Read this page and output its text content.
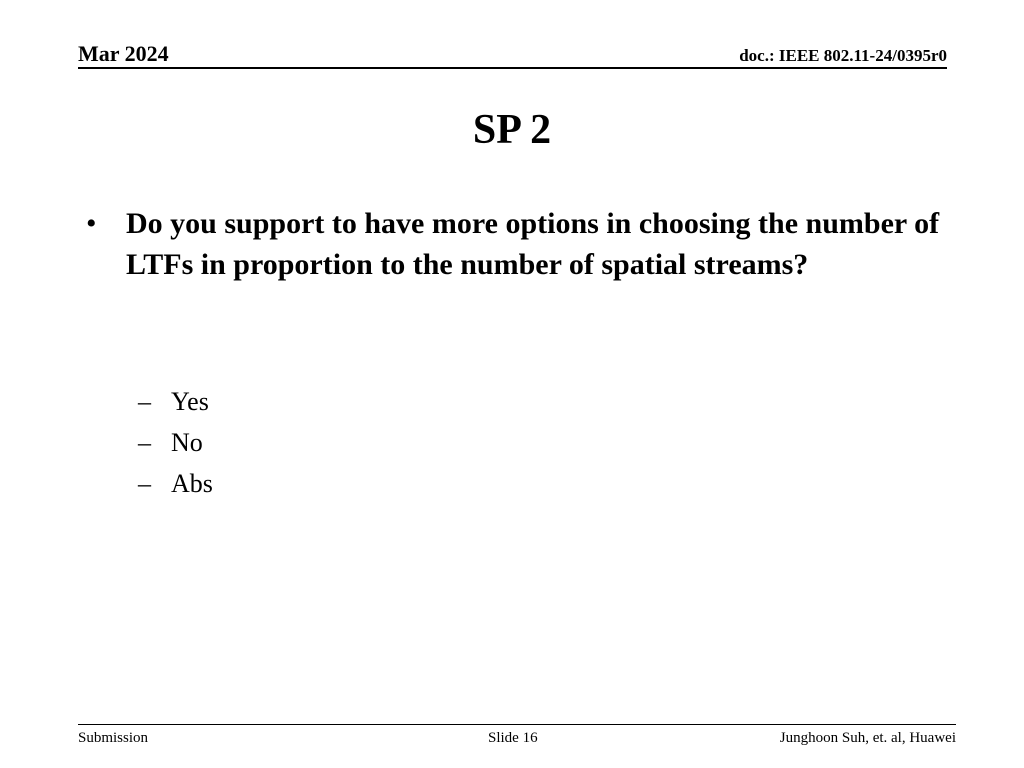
Mar 2024	doc.: IEEE 802.11-24/0395r0
SP 2
• Do you support to have more options in choosing the number of LTFs in proportion to the number of spatial streams?
– Yes
– No
– Abs
Submission	Slide 16	Junghoon Suh, et. al, Huawei
